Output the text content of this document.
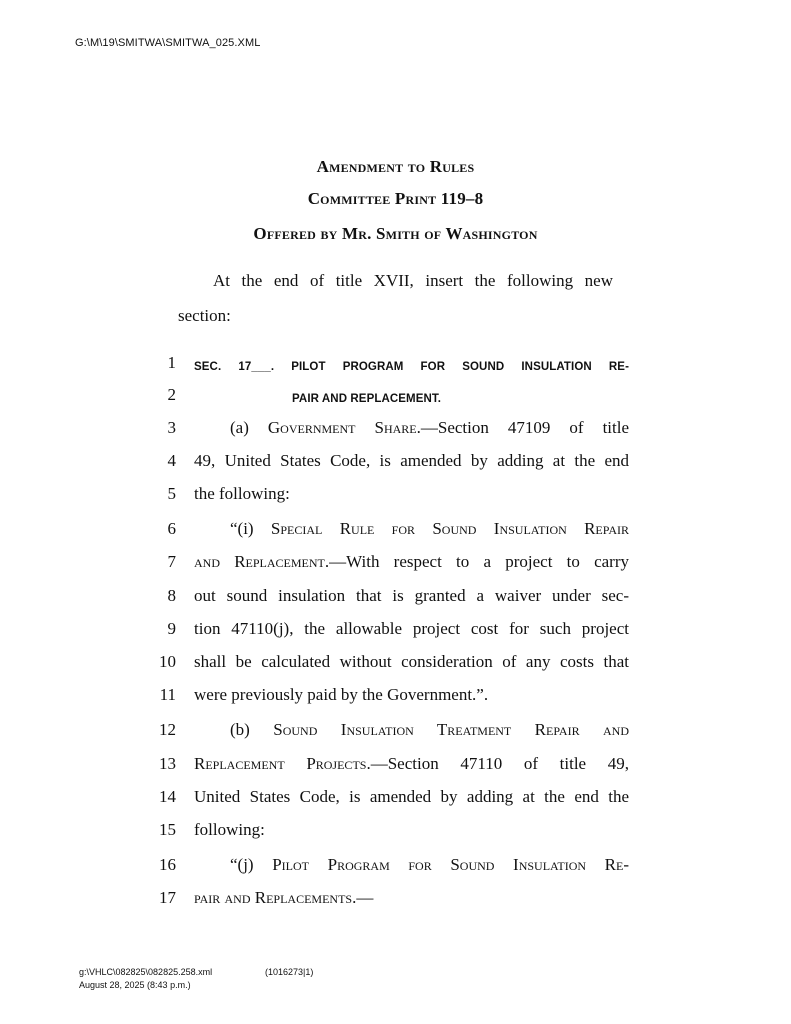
G:\M\19\SMITWA\SMITWA_025.XML
Amendment to Rules
Committee Print 119–8
Offered by Mr. Smith of Washington
At the end of title XVII, insert the following new
section:
1 SEC. 17___. PILOT PROGRAM FOR SOUND INSULATION RE-
2	PAIR AND REPLACEMENT.
3	(a) Government Share.—Section 47109 of title
4 49, United States Code, is amended by adding at the end
5 the following:
6	“(i) Special Rule for Sound Insulation Repair
7 and Replacement.—With respect to a project to carry
8 out sound insulation that is granted a waiver under sec-
9 tion 47110(j), the allowable project cost for such project
10 shall be calculated without consideration of any costs that
11 were previously paid by the Government.”.
12	(b) Sound Insulation Treatment Repair and
13 Replacement Projects.—Section 47110 of title 49,
14 United States Code, is amended by adding at the end the
15 following:
16	“(j) Pilot Program for Sound Insulation Re-
17 pair and Replacements.—
g:\VHLC\082825\082825.258.xml	(1016273|1)
August 28, 2025 (8:43 p.m.)
